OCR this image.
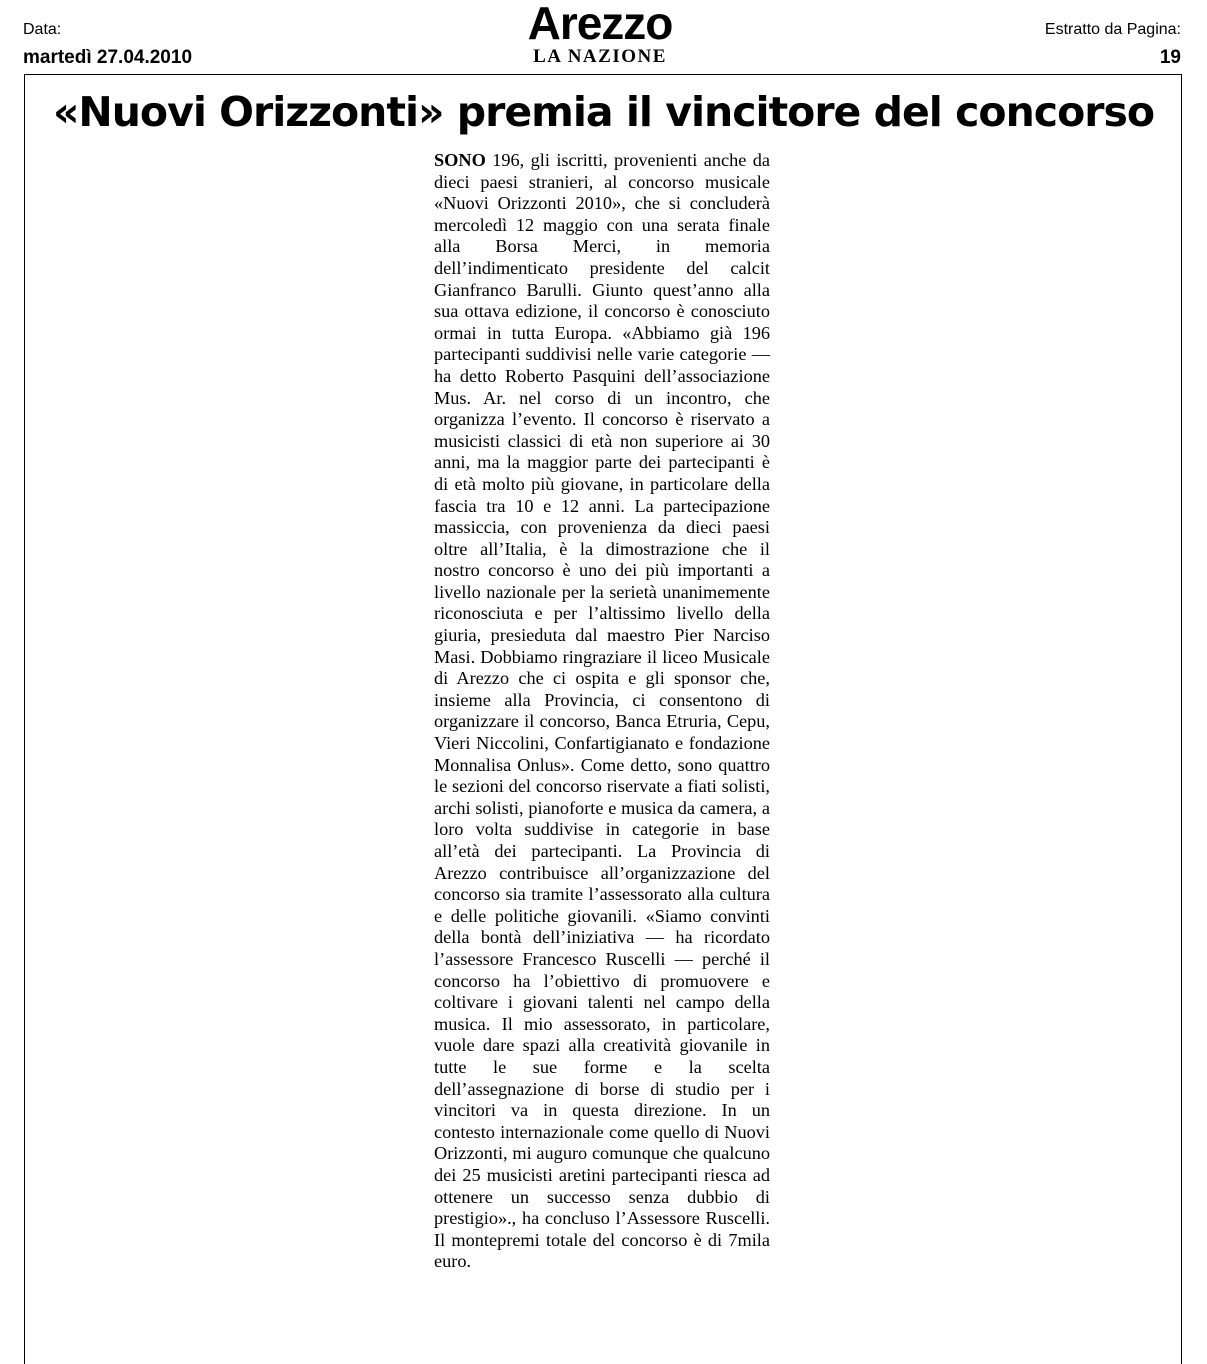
Data:
martedì 27.04.2010
Arezzo
LA NAZIONE
Estratto da Pagina:
19
«Nuovi Orizzonti» premia il vincitore del concorso
SONO 196, gli iscritti, provenienti anche da dieci paesi stranieri, al concorso musicale «Nuovi Orizzonti 2010», che si concluderà mercoledì 12 maggio con una serata finale alla Borsa Merci, in memoria dell’indimenticato presidente del calcit Gianfranco Barulli. Giunto quest’anno alla sua ottava edizione, il concorso è conosciuto ormai in tutta Europa. «Abbiamo già 196 partecipanti suddivisi nelle varie categorie — ha detto Roberto Pasquini dell’associazione Mus. Ar. nel corso di un incontro, che organizza l’evento. Il concorso è riservato a musicisti classici di età non superiore ai 30 anni, ma la maggior parte dei partecipanti è di età molto più giovane, in particolare della fascia tra 10 e 12 anni. La partecipazione massiccia, con provenienza da dieci paesi oltre all’Italia, è la dimostrazione che il nostro concorso è uno dei più importanti a livello nazionale per la serietà unanimemente riconosciuta e per l’altissimo livello della giuria, presieduta dal maestro Pier Narciso Masi. Dobbiamo ringraziare il liceo Musicale di Arezzo che ci ospita e gli sponsor che, insieme alla Provincia, ci consentono di organizzare il concorso, Banca Etruria, Cepu, Vieri Niccolini, Confartigianato e fondazione Monnalisa Onlus». Come detto, sono quattro le sezioni del concorso riservate a fiati solisti, archi solisti, pianoforte e musica da camera, a loro volta suddivise in categorie in base all’età dei partecipanti. La Provincia di Arezzo contribuisce all’organizzazione del concorso sia tramite l’assessorato alla cultura e delle politiche giovanili. «Siamo convinti della bontà dell’iniziativa — ha ricordato l’assessore Francesco Ruscelli — perché il concorso ha l’obiettivo di promuovere e coltivare i giovani talenti nel campo della musica. Il mio assessorato, in particolare, vuole dare spazi alla creatività giovanile in tutte le sue forme e la scelta dell’assegnazione di borse di studio per i vincitori va in questa direzione. In un contesto internazionale come quello di Nuovi Orizzonti, mi auguro comunque che qualcuno dei 25 musicisti aretini partecipanti riesca ad ottenere un successo senza dubbio di prestigio»., ha concluso l’Assessore Ruscelli. Il montepremi totale del concorso è di 7mila euro.
